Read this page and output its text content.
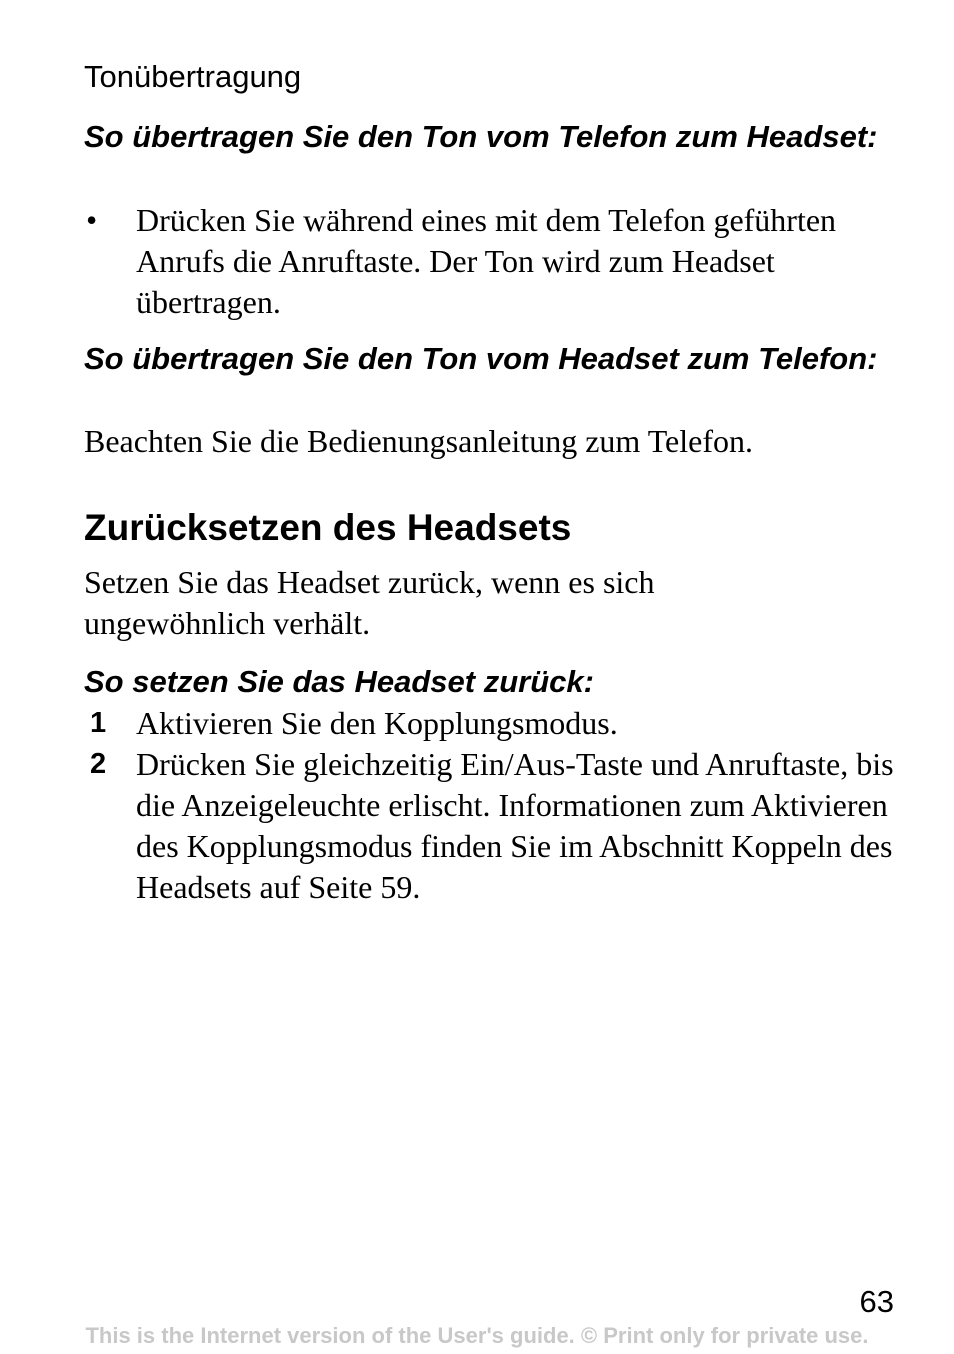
Tonübertragung
So übertragen Sie den Ton vom Telefon zum Headset:
•	Drücken Sie während eines mit dem Telefon geführten Anrufs die Anruftaste. Der Ton wird zum Headset übertragen.
So übertragen Sie den Ton vom Headset zum Telefon:
Beachten Sie die Bedienungsanleitung zum Telefon.
Zurücksetzen des Headsets
Setzen Sie das Headset zurück, wenn es sich ungewöhnlich verhält.
So setzen Sie das Headset zurück:
1 Aktivieren Sie den Kopplungsmodus.
2 Drücken Sie gleichzeitig Ein/Aus-Taste und Anruftaste, bis die Anzeigeleuchte erlischt. Informationen zum Aktivieren des Kopplungsmodus finden Sie im Abschnitt Koppeln des Headsets auf Seite 59.
63
This is the Internet version of the User's guide. © Print only for private use.
